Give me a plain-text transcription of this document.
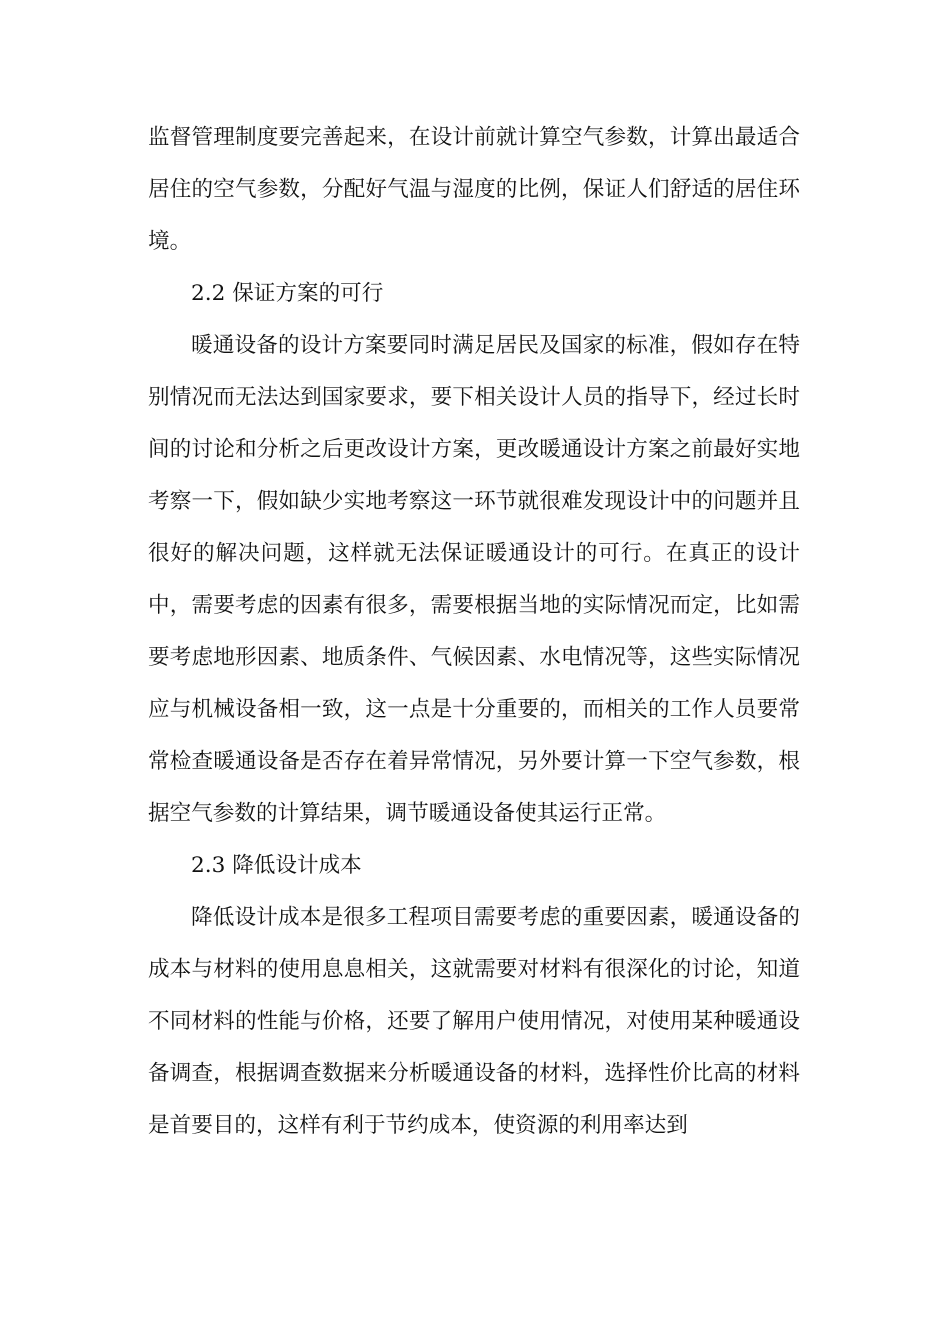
监督管理制度要完善起来，在设计前就计算空气参数，计算出最适合居住的空气参数，分配好气温与湿度的比例，保证人们舒适的居住环境。

2.2 保证方案的可行

暖通设备的设计方案要同时满足居民及国家的标准，假如存在特别情况而无法达到国家要求，要下相关设计人员的指导下，经过长时间的讨论和分析之后更改设计方案，更改暖通设计方案之前最好实地考察一下，假如缺少实地考察这一环节就很难发现设计中的问题并且很好的解决问题，这样就无法保证暖通设计的可行。在真正的设计中，需要考虑的因素有很多，需要根据当地的实际情况而定，比如需要考虑地形因素、地质条件、气候因素、水电情况等，这些实际情况应与机械设备相一致，这一点是十分重要的，而相关的工作人员要常常检查暖通设备是否存在着异常情况，另外要计算一下空气参数，根据空气参数的计算结果，调节暖通设备使其运行正常。

2.3 降低设计成本

降低设计成本是很多工程项目需要考虑的重要因素，暖通设备的成本与材料的使用息息相关，这就需要对材料有很深化的讨论，知道不同材料的性能与价格，还要了解用户使用情况，对使用某种暖通设备调查，根据调查数据来分析暖通设备的材料，选择性价比高的材料是首要目的，这样有利于节约成本，使资源的利用率达到
